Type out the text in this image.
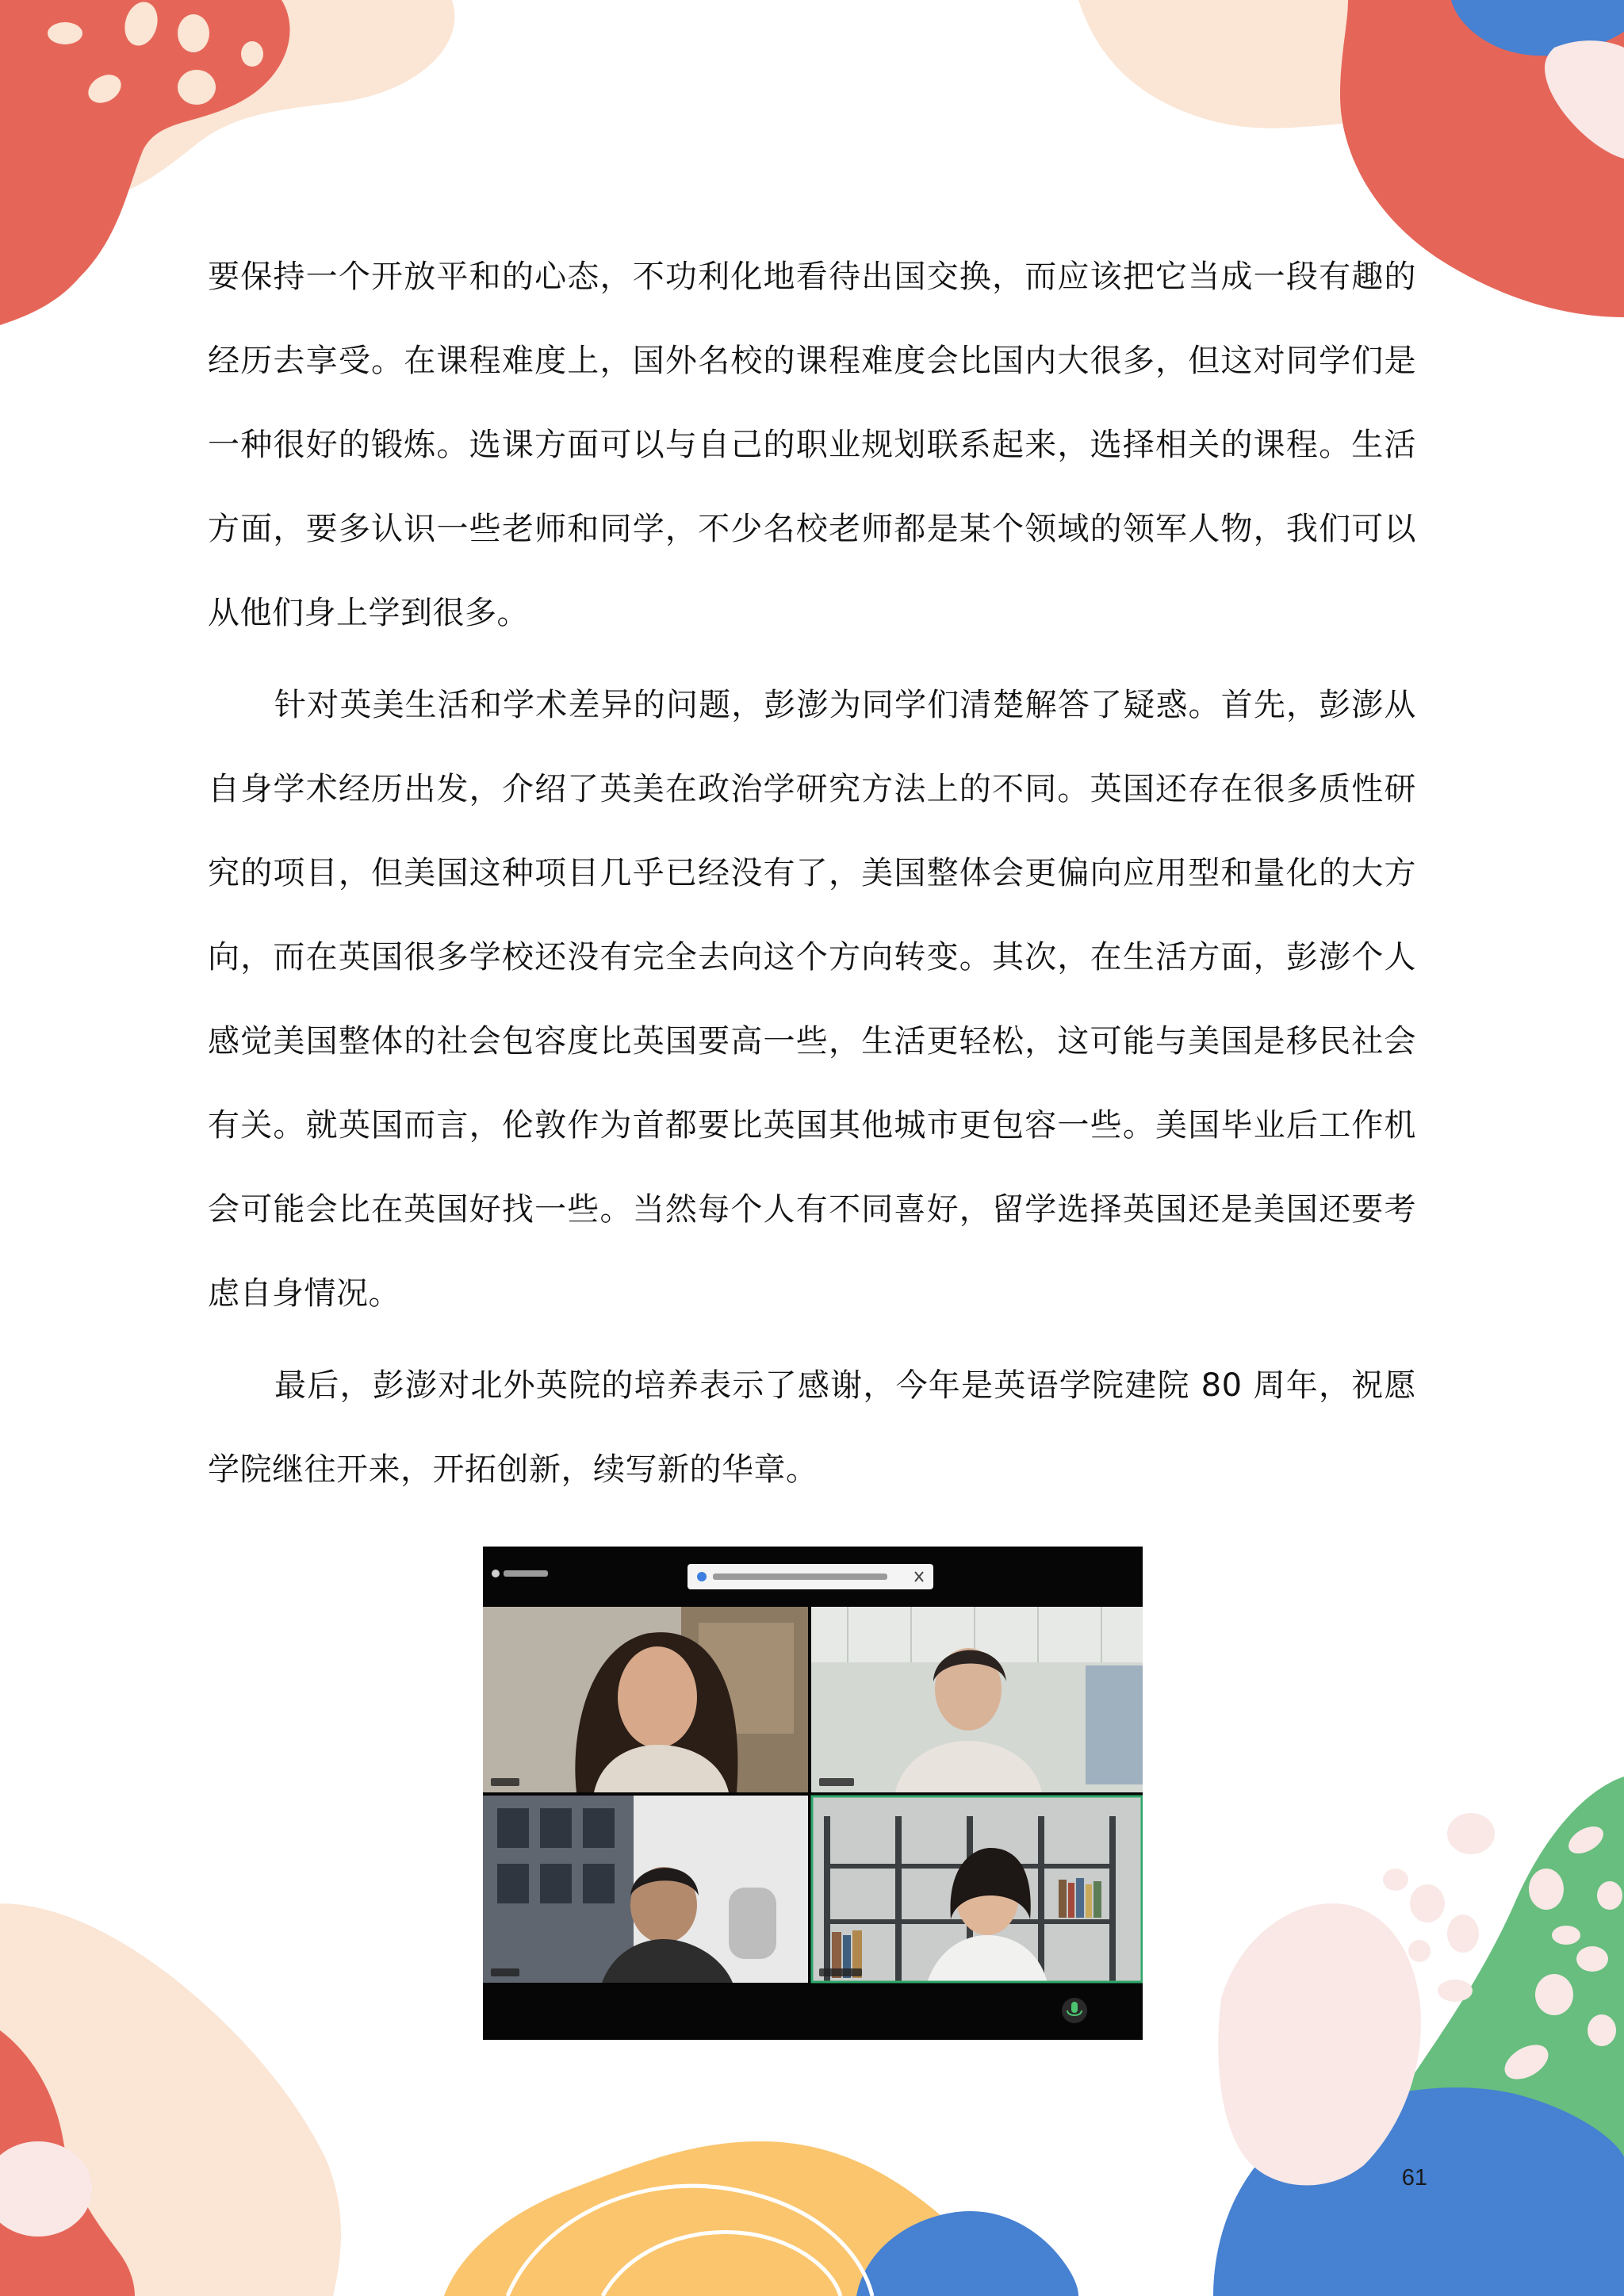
要保持一个开放平和的心态，不功利化地看待出国交换，而应该把它当成一段有趣的经历去享受。在课程难度上，国外名校的课程难度会比国内大很多，但这对同学们是一种很好的锻炼。选课方面可以与自己的职业规划联系起来，选择相关的课程。生活方面，要多认识一些老师和同学，不少名校老师都是某个领域的领军人物，我们可以从他们身上学到很多。

针对英美生活和学术差异的问题，彭澎为同学们清楚解答了疑惑。首先，彭澎从自身学术经历出发，介绍了英美在政治学研究方法上的不同。英国还存在很多质性研究的项目，但美国这种项目几乎已经没有了，美国整体会更偏向应用型和量化的大方向，而在英国很多学校还没有完全去向这个方向转变。其次，在生活方面，彭澎个人感觉美国整体的社会包容度比英国要高一些，生活更轻松，这可能与美国是移民社会有关。就英国而言，伦敦作为首都要比英国其他城市更包容一些。美国毕业后工作机会可能会比在英国好找一些。当然每个人有不同喜好，留学选择英国还是美国还要考虑自身情况。

最后，彭澎对北外英院的培养表示了感谢，今年是英语学院建院 80 周年，祝愿学院继往开来，开拓创新，续写新的华章。

61
